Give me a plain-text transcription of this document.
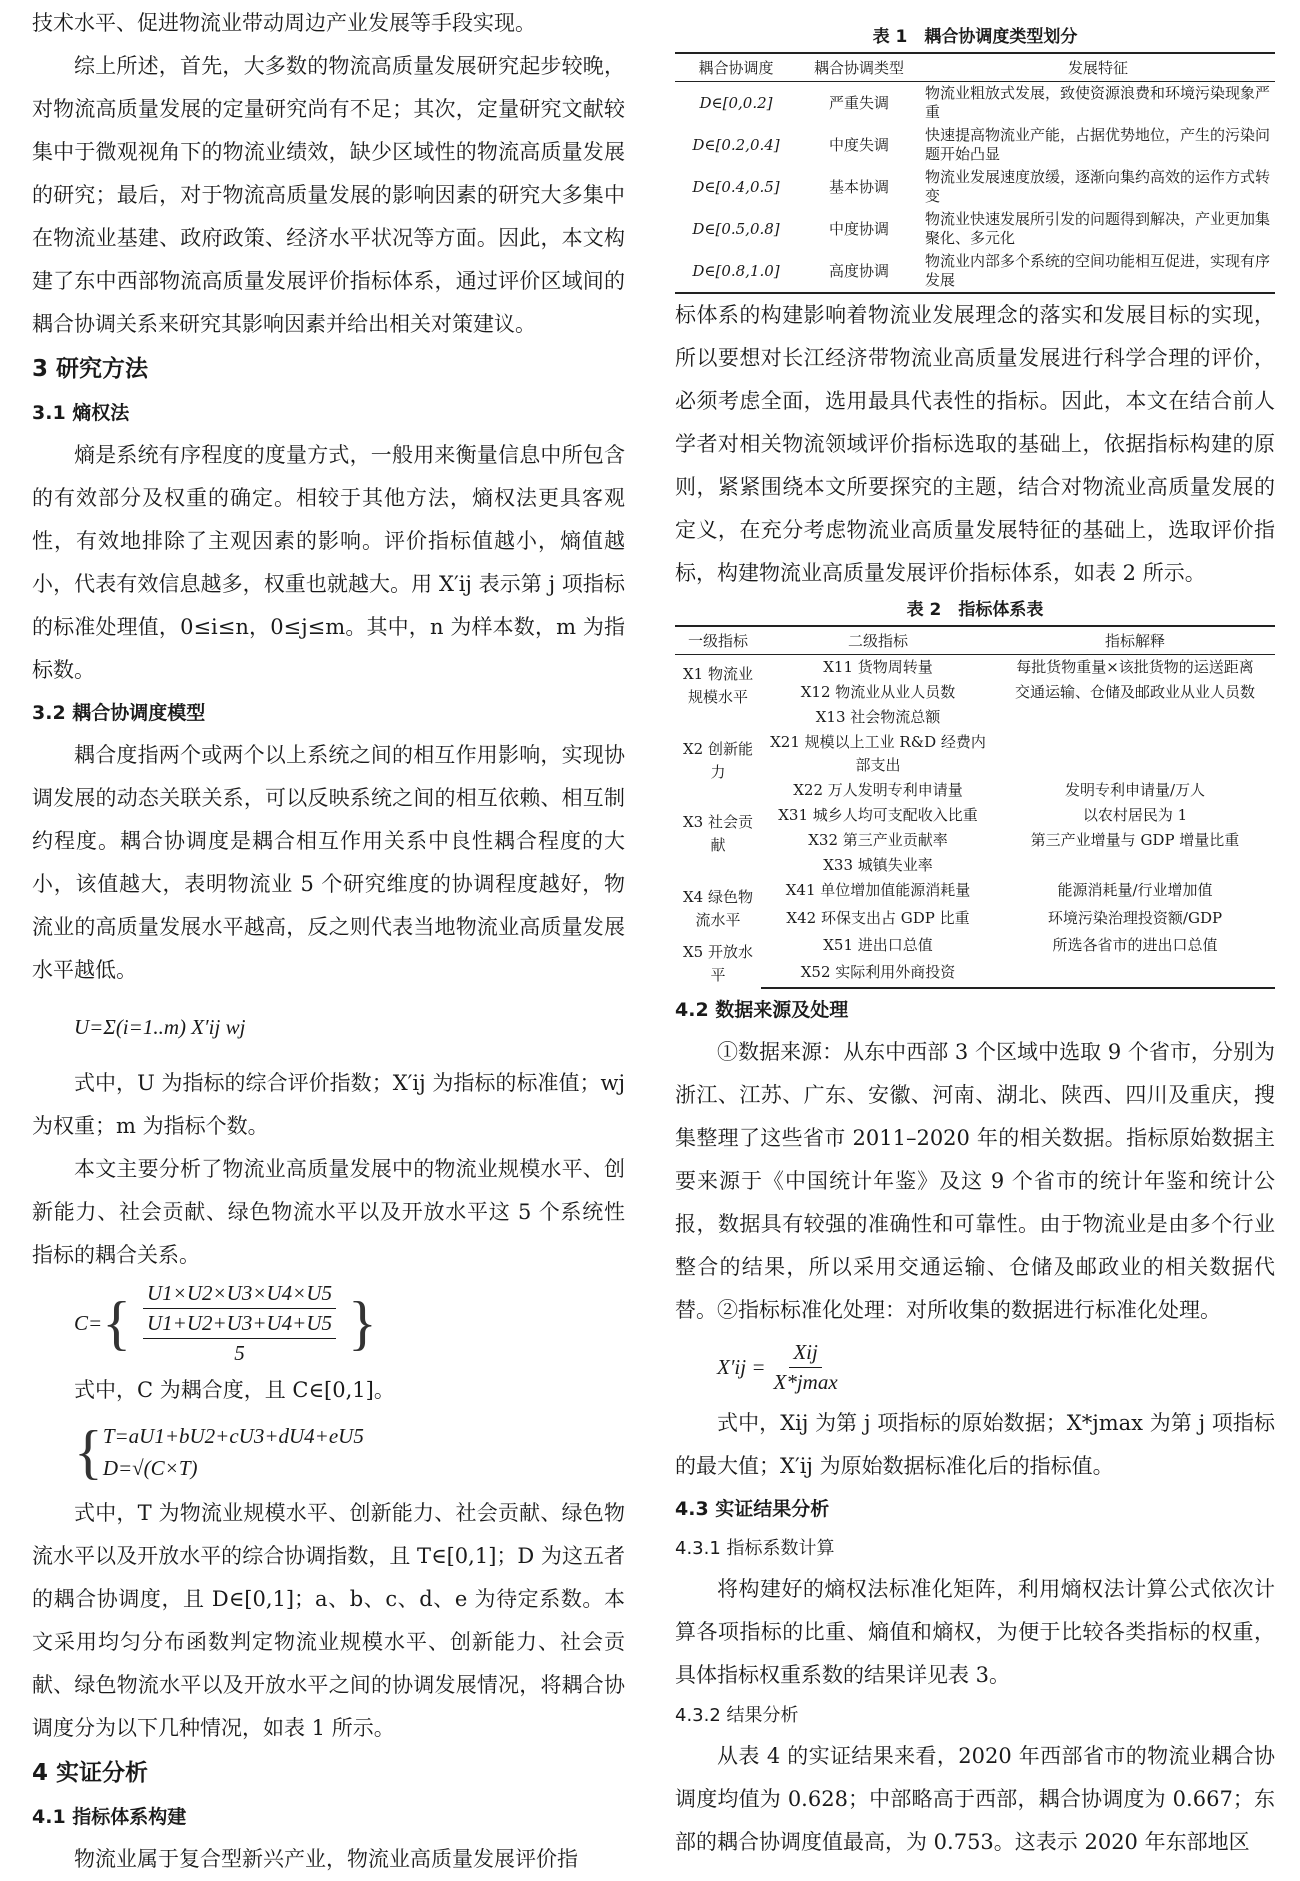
技术水平、促进物流业带动周边产业发展等手段实现。

综上所述，首先，大多数的物流高质量发展研究起步较晚，对物流高质量发展的定量研究尚有不足；其次，定量研究文献较集中于微观视角下的物流业绩效，缺少区域性的物流高质量发展的研究；最后，对于物流高质量发展的影响因素的研究大多集中在物流业基建、政府政策、经济水平状况等方面。因此，本文构建了东中西部物流高质量发展评价指标体系，通过评价区域间的耦合协调关系来研究其影响因素并给出相关对策建议。

3 研究方法

3.1 熵权法

熵是系统有序程度的度量方式，一般用来衡量信息中所包含的有效部分及权重的确定。相较于其他方法，熵权法更具客观性，有效地排除了主观因素的影响。评价指标值越小，熵值越小，代表有效信息越多，权重也就越大。用 X′ij 表示第 j 项指标的标准处理值，0≤i≤n，0≤j≤m。其中，n 为样本数，m 为指标数。

3.2 耦合协调度模型

耦合度指两个或两个以上系统之间的相互作用影响，实现协调发展的动态关联关系，可以反映系统之间的相互依赖、相互制约程度。耦合协调度是耦合相互作用关系中良性耦合程度的大小，该值越大，表明物流业 5 个研究维度的协调程度越好，物流业的高质量发展水平越高，反之则代表当地物流业高质量发展水平越低。

U=Σ(i=1..m) X′ij wj

式中，U 为指标的综合评价指数；X′ij 为指标的标准值；wj 为权重；m 为指标个数。

本文主要分析了物流业高质量发展中的物流业规模水平、创新能力、社会贡献、绿色物流水平以及开放水平这 5 个系统性指标的耦合关系。

C= { $\frac{U1\times U2\times U3\times U4\times U5}{\frac{U1+U2+U3+U4+U5}{5}}$ }

式中，C 为耦合度，且 C∈[0,1]。

{ T=aU1+bU2+cU3+dU4+eU5
D=√(C×T)

式中，T 为物流业规模水平、创新能力、社会贡献、绿色物流水平以及开放水平的综合协调指数，且 T∈[0,1]；D 为这五者的耦合协调度，且 D∈[0,1]；a、b、c、d、e 为待定系数。本文采用均匀分布函数判定物流业规模水平、创新能力、社会贡献、绿色物流水平以及开放水平之间的协调发展情况，将耦合协调度分为以下几种情况，如表 1 所示。

4 实证分析

4.1 指标体系构建

物流业属于复合型新兴产业，物流业高质量发展评价指

表 1　耦合协调度类型划分

耦合协调度	耦合协调类型	发展特征
D∈[0,0.2]	严重失调	物流业粗放式发展，致使资源浪费和环境污染现象严重
D∈[0.2,0.4]	中度失调	快速提高物流业产能，占据优势地位，产生的污染问题开始凸显
D∈[0.4,0.5]	基本协调	物流业发展速度放缓，逐渐向集约高效的运作方式转变
D∈[0.5,0.8]	中度协调	物流业快速发展所引发的问题得到解决，产业更加集聚化、多元化
D∈[0.8,1.0]	高度协调	物流业内部多个系统的空间功能相互促进，实现有序发展

标体系的构建影响着物流业发展理念的落实和发展目标的实现，所以要想对长江经济带物流业高质量发展进行科学合理的评价，必须考虑全面，选用最具代表性的指标。因此，本文在结合前人学者对相关物流领域评价指标选取的基础上，依据指标构建的原则，紧紧围绕本文所要探究的主题，结合对物流业高质量发展的定义，在充分考虑物流业高质量发展特征的基础上，选取评价指标，构建物流业高质量发展评价指标体系，如表 2 所示。

表 2　指标体系表

一级指标	二级指标	指标解释
X1 物流业规模水平	X11 货物周转量	每批货物重量×该批货物的运送距离
	X12 物流业从业人员数	交通运输、仓储及邮政业从业人员数
	X13 社会物流总额	
X2 创新能力	X21 规模以上工业 R&D 经费内部支出	
	X22 万人发明专利申请量	发明专利申请量/万人
X3 社会贡献	X31 城乡人均可支配收入比重	以农村居民为 1
	X32 第三产业贡献率	第三产业增量与 GDP 增量比重
	X33 城镇失业率	
X4 绿色物流水平	X41 单位增加值能源消耗量	能源消耗量/行业增加值
	X42 环保支出占 GDP 比重	环境污染治理投资额/GDP
X5 开放水平	X51 进出口总值	所选各省市的进出口总值
	X52 实际利用外商投资	

4.2 数据来源及处理

①数据来源：从东中西部 3 个区域中选取 9 个省市，分别为浙江、江苏、广东、安徽、河南、湖北、陕西、四川及重庆，搜集整理了这些省市 2011–2020 年的相关数据。指标原始数据主要来源于《中国统计年鉴》及这 9 个省市的统计年鉴和统计公报，数据具有较强的准确性和可靠性。由于物流业是由多个行业整合的结果，所以采用交通运输、仓储及邮政业的相关数据代替。②指标标准化处理：对所收集的数据进行标准化处理。

$X'ij = \frac{\text{Xij}}{X*jmax}$

式中，Xij 为第 j 项指标的原始数据；X*jmax 为第 j 项指标的最大值；X′ij 为原始数据标准化后的指标值。

4.3 实证结果分析

4.3.1 指标系数计算

将构建好的熵权法标准化矩阵，利用熵权法计算公式依次计算各项指标的比重、熵值和熵权，为便于比较各类指标的权重，具体指标权重系数的结果详见表 3。

4.3.2 结果分析

从表 4 的实证结果来看，2020 年西部省市的物流业耦合协调度均值为 0.628；中部略高于西部，耦合协调度为 0.667；东部的耦合协调度值最高，为 0.753。这表示 2020 年东部地区
